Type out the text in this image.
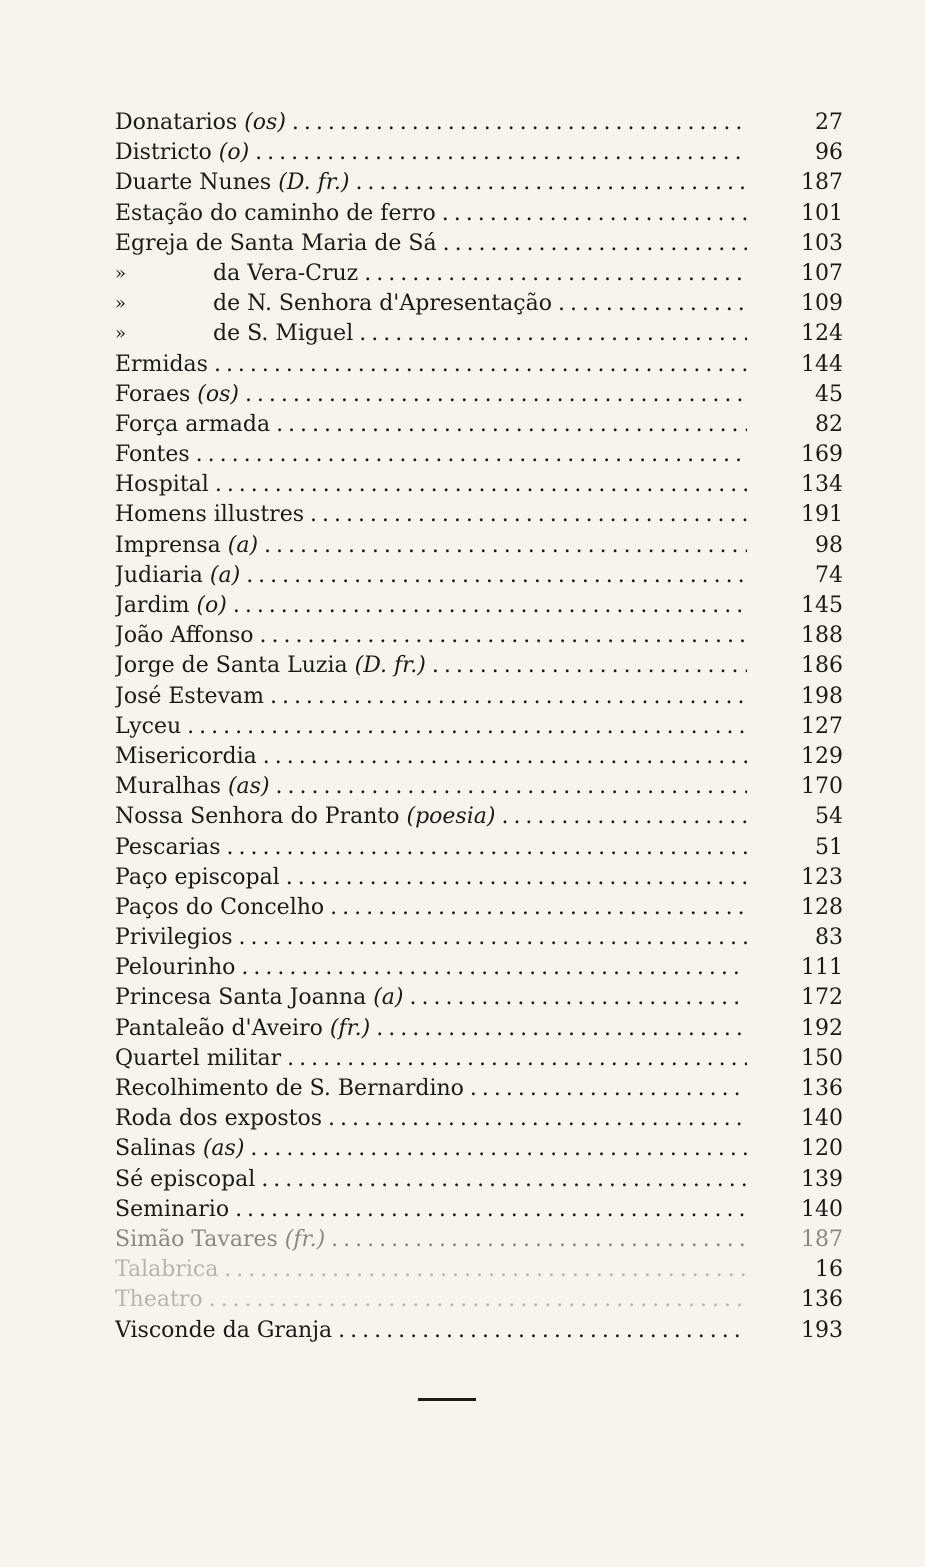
Donatarios (os) . . .	27
Districto (o) . . .	96
Duarte Nunes (D. fr.) . . .	187
Estação do caminho de ferro . . .	101
Egreja de Santa Maria de Sá . . .	103
»	da Vera-Cruz . . .	107
»	de N. Senhora d'Apresentação . . .	109
»	de S. Miguel . . .	124
Ermidas . . .	144
Foraes (os) . . .	45
Força armada . . .	82
Fontes . . .	169
Hospital . . .	134
Homens illustres . . .	191
Imprensa (a) . . .	98
Judiaria (a) . . .	74
Jardim (o) . . .	145
João Affonso . . .	188
Jorge de Santa Luzia (D. fr.) . . .	186
José Estevam . . .	198
Lyceu . . .	127
Misericordia . . .	129
Muralhas (as) . . .	170
Nossa Senhora do Pranto (poesia) . . .	54
Pescarias . . .	51
Paço episcopal . . .	123
Paços do Concelho . . .	128
Privilegios . . .	83
Pelourinho . . .	111
Princesa Santa Joanna (a) . . .	172
Pantaleão d'Aveiro (fr.) . . .	192
Quartel militar . . .	150
Recolhimento de S. Bernardino . . .	136
Roda dos expostos . . .	140
Salinas (as) . . .	120
Sé episcopal . . .	139
Seminario . . .	140
Simão Tavares (fr.) . . .	187
Talabrica . . .	16
Theatro . . .	136
Visconde da Granja . . .	193
